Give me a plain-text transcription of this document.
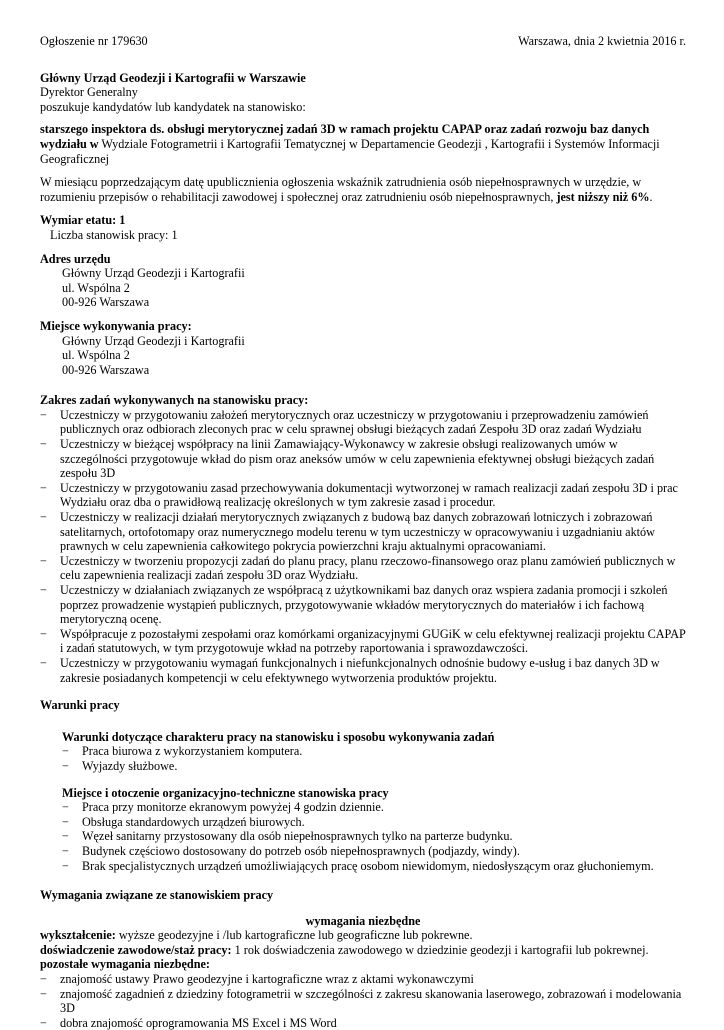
Ogłoszenie nr 179630	Warszawa, dnia 2 kwietnia 2016 r.

Główny Urząd Geodezji i Kartografii w Warszawie

Dyrektor Generalny

poszukuje kandydatów lub kandydatek na stanowisko:

starszego inspektora ds. obsługi merytorycznej zadań 3D w ramach projektu CAPAP oraz zadań rozwoju baz danych wydziału w Wydziale Fotogrametrii i Kartografii Tematycznej w Departamencie Geodezji , Kartografii i Systemów Informacji Geograficznej

W miesiącu poprzedzającym datę upublicznienia ogłoszenia wskaźnik zatrudnienia osób niepełnosprawnych w urzędzie, w rozumieniu przepisów o rehabilitacji zawodowej i społecznej oraz zatrudnieniu osób niepełnosprawnych, jest niższy niż 6%.

Wymiar etatu: 1

Liczba stanowisk pracy: 1

Adres urzędu

Główny Urząd Geodezji i Kartografii

ul. Wspólna 2

00-926 Warszawa

Miejsce wykonywania pracy:

Główny Urząd Geodezji i Kartografii

ul. Wspólna 2

00-926 Warszawa

Zakres zadań wykonywanych na stanowisku pracy:

− Uczestniczy w przygotowaniu założeń merytorycznych oraz uczestniczy w przygotowaniu i przeprowadzeniu zamówień publicznych oraz odbiorach zleconych prac w celu sprawnej obsługi bieżących zadań Zespołu 3D oraz zadań Wydziału
− Uczestniczy w bieżącej współpracy na linii Zamawiający-Wykonawcy w zakresie obsługi realizowanych umów w szczególności przygotowuje wkład do pism oraz aneksów umów w celu zapewnienia efektywnej obsługi bieżących zadań zespołu 3D
− Uczestniczy w przygotowaniu zasad przechowywania dokumentacji wytworzonej w ramach realizacji zadań zespołu 3D i prac Wydziału oraz dba o prawidłową realizację określonych w tym zakresie zasad i procedur.
− Uczestniczy w realizacji działań merytorycznych związanych z budową baz danych zobrazowań lotniczych i zobrazowań satelitarnych, ortofotomapy oraz numerycznego modelu terenu w tym uczestniczy w opracowywaniu i uzgadnianiu aktów prawnych w celu zapewnienia całkowitego pokrycia powierzchni kraju aktualnymi opracowaniami.
− Uczestniczy w tworzeniu propozycji zadań do planu pracy, planu rzeczowo-finansowego oraz planu zamówień publicznych w celu zapewnienia realizacji zadań zespołu 3D oraz Wydziału.
− Uczestniczy w działaniach związanych ze współpracą z użytkownikami baz danych oraz wspiera zadania promocji i szkoleń poprzez prowadzenie wystąpień publicznych, przygotowywanie wkładów merytorycznych do materiałów i ich fachową merytoryczną ocenę.
− Współpracuje z pozostałymi zespołami oraz komórkami organizacyjnymi GUGiK w celu efektywnej realizacji projektu CAPAP i zadań statutowych, w tym przygotowuje wkład na potrzeby raportowania i sprawozdawczości.
− Uczestniczy w przygotowaniu wymagań funkcjonalnych i niefunkcjonalnych odnośnie budowy e-usług i baz danych 3D w zakresie posiadanych kompetencji w celu efektywnego wytworzenia produktów projektu.

Warunki pracy

Warunki dotyczące charakteru pracy na stanowisku i sposobu wykonywania zadań

− Praca biurowa z wykorzystaniem komputera.
− Wyjazdy służbowe.

Miejsce i otoczenie organizacyjno-techniczne stanowiska pracy

− Praca przy monitorze ekranowym powyżej 4 godzin dziennie.
− Obsługa standardowych urządzeń biurowych.
− Węzeł sanitarny przystosowany dla osób niepełnosprawnych tylko na parterze budynku.
− Budynek częściowo dostosowany do potrzeb osób niepełnosprawnych (podjazdy, windy).
− Brak specjalistycznych urządzeń umożliwiających pracę osobom niewidomym, niedosłyszącym oraz głuchoniemym.

Wymagania związane ze stanowiskiem pracy

wymagania niezbędne

wykształcenie: wyższe geodezyjne i /lub kartograficzne lub geograficzne lub pokrewne.

doświadczenie zawodowe/staż pracy: 1 rok doświadczenia zawodowego w dziedzinie geodezji i kartografii lub pokrewnej.

pozostałe wymagania niezbędne:

− znajomość ustawy Prawo geodezyjne i kartograficzne wraz z aktami wykonawczymi
− znajomość zagadnień z dziedziny fotogrametrii w szczególności z zakresu skanowania laserowego, zobrazowań i modelowania 3D
− dobra znajomość oprogramowania MS Excel i MS Word
